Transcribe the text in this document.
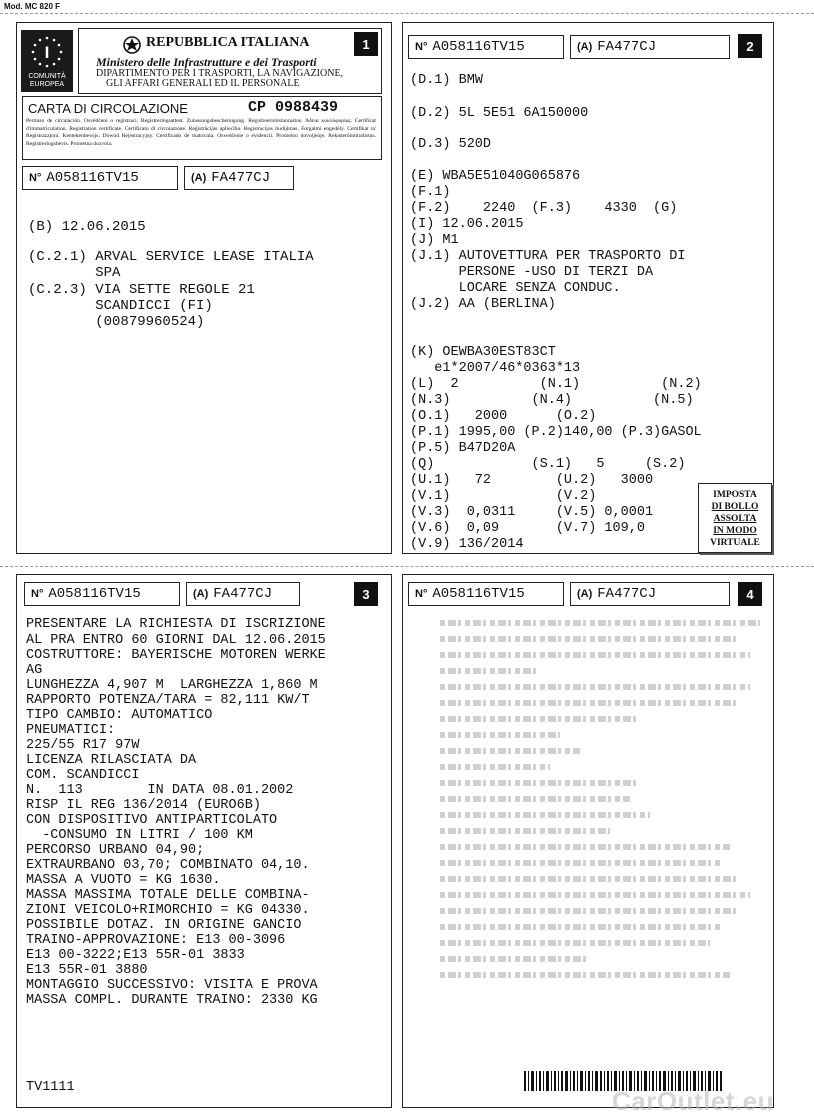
Mod. MC 820 F
I
COMUNITÀ
EUROPEA
1
REPUBBLICA ITALIANA
Ministero delle Infrastrutture e dei Trasporti
DIPARTIMENTO PER I TRASPORTI, LA NAVIGAZIONE,
GLI AFFARI GENERALI ED IL PERSONALE
CARTA DI CIRCOLAZIONE	CP 0988439
Permiso de circulación. Osvědčení o registraci. Registreringsattest. Zulassungsbescheinigung. Registreerimistunnistus. Άδεια κυκλοφορίας. Certificat d'immatriculation. Registration certificate. Certificato di circolazione. Reģistrācijas apliecība. Registracijos liudijimas. Forgalmi engedély. Certifikat ta' Reġistrazzjoni. Kentekenbewijs. Dowód Rejestracyjny. Certificado de matrícula. Osvedčenie o evidencii. Prometno dovoljenje. Rekisteröintitodistus. Registreringsbevis. Prometna dozvola.
N° A058116TV15	(A) FA477CJ
(B) 12.06.2015
(C.2.1) ARVAL SERVICE LEASE ITALIA
SPA
(C.2.3) VIA SETTE REGOLE 21
SCANDICCI (FI)
(00879960524)
N° A058116TV15	(A) FA477CJ	2
(D.1) BMW
(D.2) 5L 5E51 6A150000
(D.3) 520D
(E) WBA5E51040G065876
(F.1)
(F.2)    2240  (F.3)    4330  (G)
(I) 12.06.2015
(J) M1
(J.1) AUTOVETTURA PER TRASPORTO DI
PERSONE -USO DI TERZI DA
LOCARE SENZA CONDUC.
(J.2) AA (BERLINA)
(K) OEWBA30EST83CT
e1*2007/46*0363*13
(L)  2          (N.1)          (N.2)
(N.3)          (N.4)          (N.5)
(O.1)   2000      (O.2)
(P.1) 1995,00 (P.2)140,00 (P.3)GASOL
(P.5) B47D20A
(Q)            (S.1)   5     (S.2)
(U.1)   72        (U.2)   3000
(V.1)             (V.2)
(V.3)  0,0311     (V.5) 0,0001
(V.6)  0,09       (V.7) 109,0
(V.9) 136/2014
IMPOSTA
DI BOLLO
ASSOLTA
IN MODO
VIRTUALE
N° A058116TV15	(A) FA477CJ	3
PRESENTARE LA RICHIESTA DI ISCRIZIONE
AL PRA ENTRO 60 GIORNI DAL 12.06.2015
COSTRUTTORE: BAYERISCHE MOTOREN WERKE
AG
LUNGHEZZA 4,907 M  LARGHEZZA 1,860 M
RAPPORTO POTENZA/TARA = 82,111 KW/T
TIPO CAMBIO: AUTOMATICO
PNEUMATICI:
225/55 R17 97W
LICENZA RILASCIATA DA
COM. SCANDICCI
N.  113        IN DATA 08.01.2002
RISP IL REG 136/2014 (EURO6B)
CON DISPOSITIVO ANTIPARTICOLATO
-CONSUMO IN LITRI / 100 KM
PERCORSO URBANO 04,90;
EXTRAURBANO 03,70; COMBINATO 04,10.
MASSA A VUOTO = KG 1630.
MASSA MASSIMA TOTALE DELLE COMBINA-
ZIONI VEICOLO+RIMORCHIO = KG 04330.
POSSIBILE DOTAZ. IN ORIGINE GANCIO
TRAINO-APPROVAZIONE: E13 00-3096
E13 00-3222;E13 55R-01 3833
E13 55R-01 3880
MONTAGGIO SUCCESSIVO: VISITA E PROVA
MASSA COMPL. DURANTE TRAINO: 2330 KG
TV1111
N° A058116TV15	(A) FA477CJ	4
CarOutlet.eu
